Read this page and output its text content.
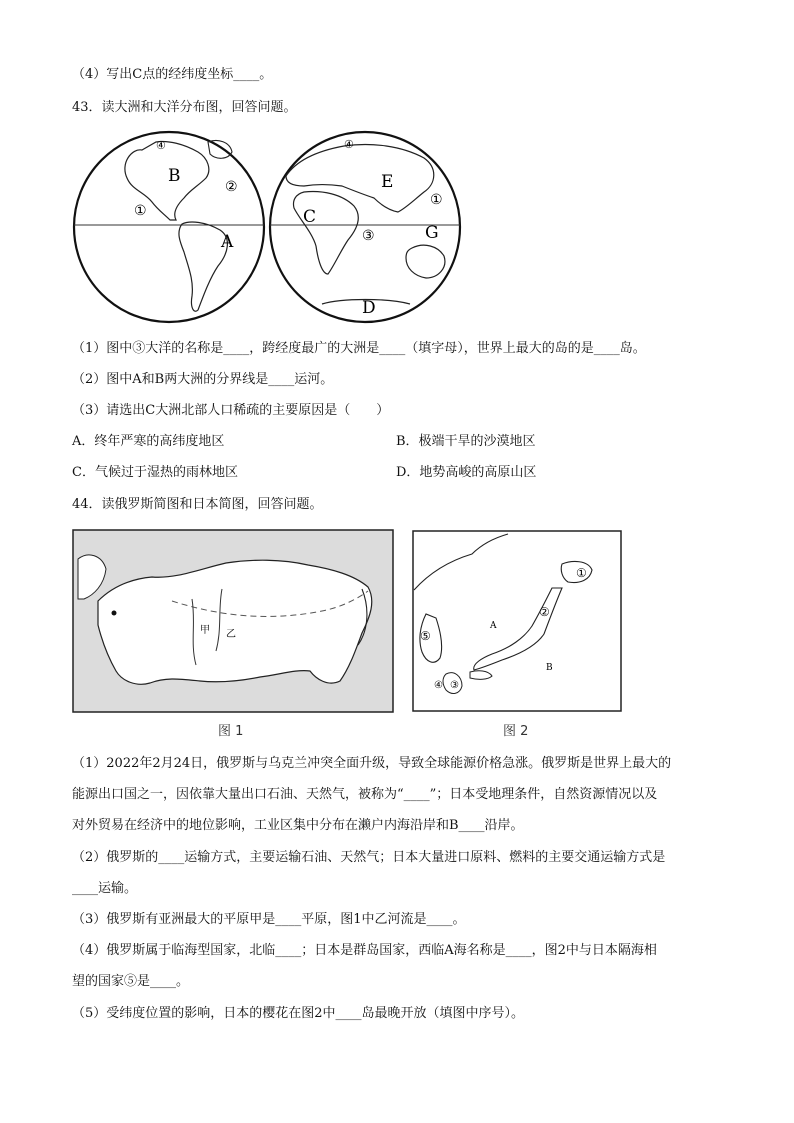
（4）写出C点的经纬度坐标____。
43．读大洲和大洋分布图，回答问题。
④
B
②
①
A
④
E
C
①
③	G
D
（1）图中③大洋的名称是____，跨经度最广的大洲是____（填字母），世界上最大的岛的是____岛。
（2）图中A和B两大洲的分界线是____运河。
（3）请选出C大洲北部人口稀疏的主要原因是（　　）
A．终年严寒的高纬度地区	B．极端干旱的沙漠地区
C．气候过于湿热的雨林地区	D．地势高峻的高原山区
44．读俄罗斯简图和日本简图，回答问题。
甲 乙
图 1
①
②
⑤
④ ③
A
B
图 2
（1）2022年2月24日，俄罗斯与乌克兰冲突全面升级，导致全球能源价格急涨。俄罗斯是世界上最大的
能源出口国之一，因依靠大量出口石油、天然气，被称为“____”；日本受地理条件，自然资源情况以及
对外贸易在经济中的地位影响，工业区集中分布在濑户内海沿岸和B____沿岸。
（2）俄罗斯的____运输方式，主要运输石油、天然气；日本大量进口原料、燃料的主要交通运输方式是
____运输。
（3）俄罗斯有亚洲最大的平原甲是____平原，图1中乙河流是____。
（4）俄罗斯属于临海型国家，北临____；日本是群岛国家，西临A海名称是____，图2中与日本隔海相
望的国家⑤是____。
（5）受纬度位置的影响，日本的樱花在图2中____岛最晚开放（填图中序号）。
